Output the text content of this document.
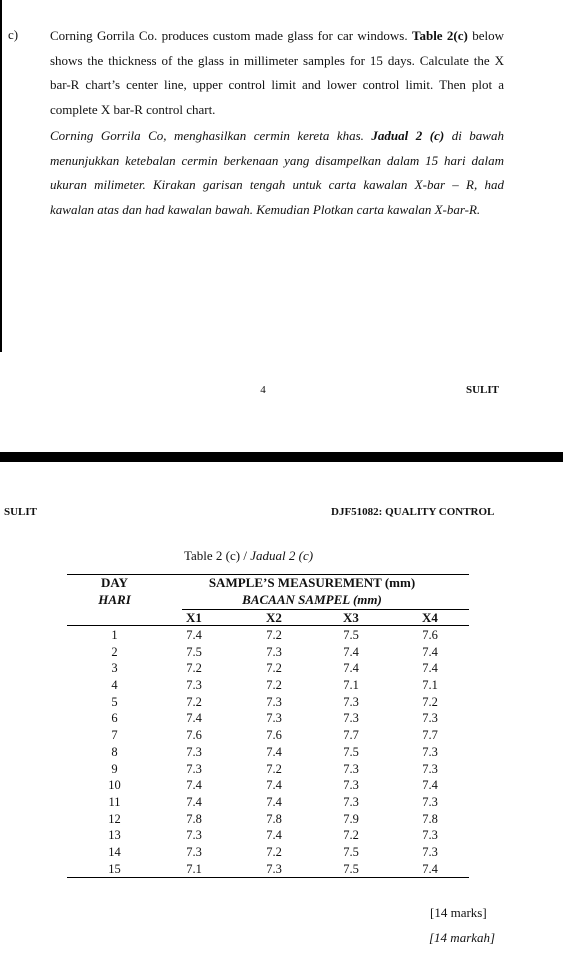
c) Corning Gorrila Co. produces custom made glass for car windows. Table 2(c) below shows the thickness of the glass in millimeter samples for 15 days. Calculate the X bar-R chart’s center line, upper control limit and lower control limit. Then plot a complete X bar-R control chart.
Corning Gorrila Co, menghasilkan cermin kereta khas. Jadual 2 (c) di bawah menunjukkan ketebalan cermin berkenaan yang disampelkan dalam 15 hari dalam ukuran milimeter. Kirakan garisan tengah untuk carta kawalan X-bar – R, had kawalan atas dan had kawalan bawah. Kemudian Plotkan carta kawalan X-bar-R.
4	SULIT
SULIT	DJF51082: QUALITY CONTROL
Table 2 (c) / Jadual 2 (c)
DAY
HARI
SAMPLE’S MEASUREMENT (mm)
BACAAN SAMPEL (mm)
X1	X2	X3	X4
1	7.4	7.2	7.5	7.6
2	7.5	7.3	7.4	7.4
3	7.2	7.2	7.4	7.4
4	7.3	7.2	7.1	7.1
5	7.2	7.3	7.3	7.2
6	7.4	7.3	7.3	7.3
7	7.6	7.6	7.7	7.7
8	7.3	7.4	7.5	7.3
9	7.3	7.2	7.3	7.3
10	7.4	7.4	7.3	7.4
11	7.4	7.4	7.3	7.3
12	7.8	7.8	7.9	7.8
13	7.3	7.4	7.2	7.3
14	7.3	7.2	7.5	7.3
15	7.1	7.3	7.5	7.4
[14 marks]
[14 markah]
